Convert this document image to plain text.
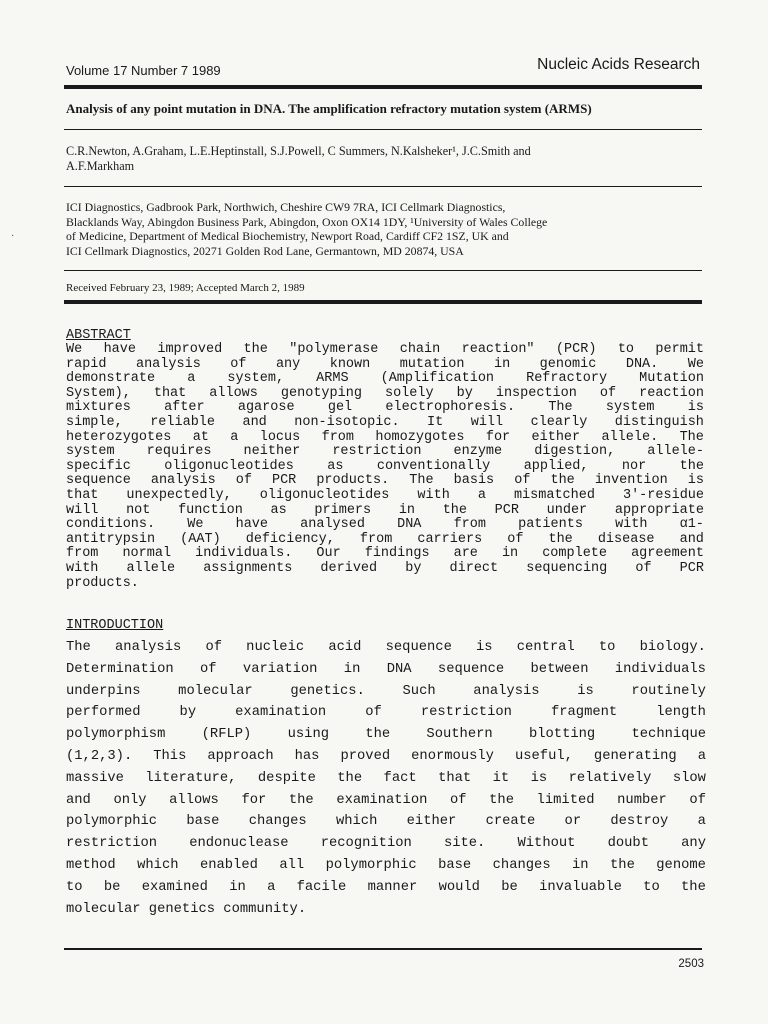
Volume 17 Number 7 1989	Nucleic Acids Research
Analysis of any point mutation in DNA. The amplification refractory mutation system (ARMS)
C.R.Newton, A.Graham, L.E.Heptinstall, S.J.Powell, C Summers, N.Kalsheker¹, J.C.Smith and
A.F.Markham
ICI Diagnostics, Gadbrook Park, Northwich, Cheshire CW9 7RA, ICI Cellmark Diagnostics,
Blacklands Way, Abingdon Business Park, Abingdon, Oxon OX14 1DY, ¹University of Wales College
of Medicine, Department of Medical Biochemistry, Newport Road, Cardiff CF2 1SZ, UK and
ICI Cellmark Diagnostics, 20271 Golden Rod Lane, Germantown, MD 20874, USA
Received February 23, 1989; Accepted March 2, 1989
ABSTRACT
We have improved the "polymerase chain reaction" (PCR) to permit
rapid analysis of any known mutation in genomic DNA. We
demonstrate a system, ARMS (Amplification Refractory Mutation
System), that allows genotyping solely by inspection of reaction
mixtures after agarose gel electrophoresis. The system is
simple, reliable and non-isotopic. It will clearly distinguish
heterozygotes at a locus from homozygotes for either allele. The
system requires neither restriction enzyme digestion, allele-
specific oligonucleotides as conventionally applied, nor the
sequence analysis of PCR products. The basis of the invention is
that unexpectedly, oligonucleotides with a mismatched 3'-residue
will not function as primers in the PCR under appropriate
conditions. We have analysed DNA from patients with α1-
antitrypsin (AAT) deficiency, from carriers of the disease and
from normal individuals. Our findings are in complete agreement
with allele assignments derived by direct sequencing of PCR
products.
INTRODUCTION
The analysis of nucleic acid sequence is central to biology.
Determination of variation in DNA sequence between individuals
underpins	molecular	genetics.	Such	analysis	is	routinely
performed	by	examination	of	restriction	fragment	length
polymorphism	(RFLP)	using	the	Southern	blotting	technique
(1,2,3). This approach has proved enormously useful, generating a
massive literature, despite the fact that it is relatively slow
and only allows for the examination of the limited number of
polymorphic base changes which either create or destroy a
restriction endonuclease recognition site. Without doubt any
method which enabled all polymorphic base changes in the genome
to be examined in a facile manner would be invaluable to the
molecular genetics community.
2503
·
